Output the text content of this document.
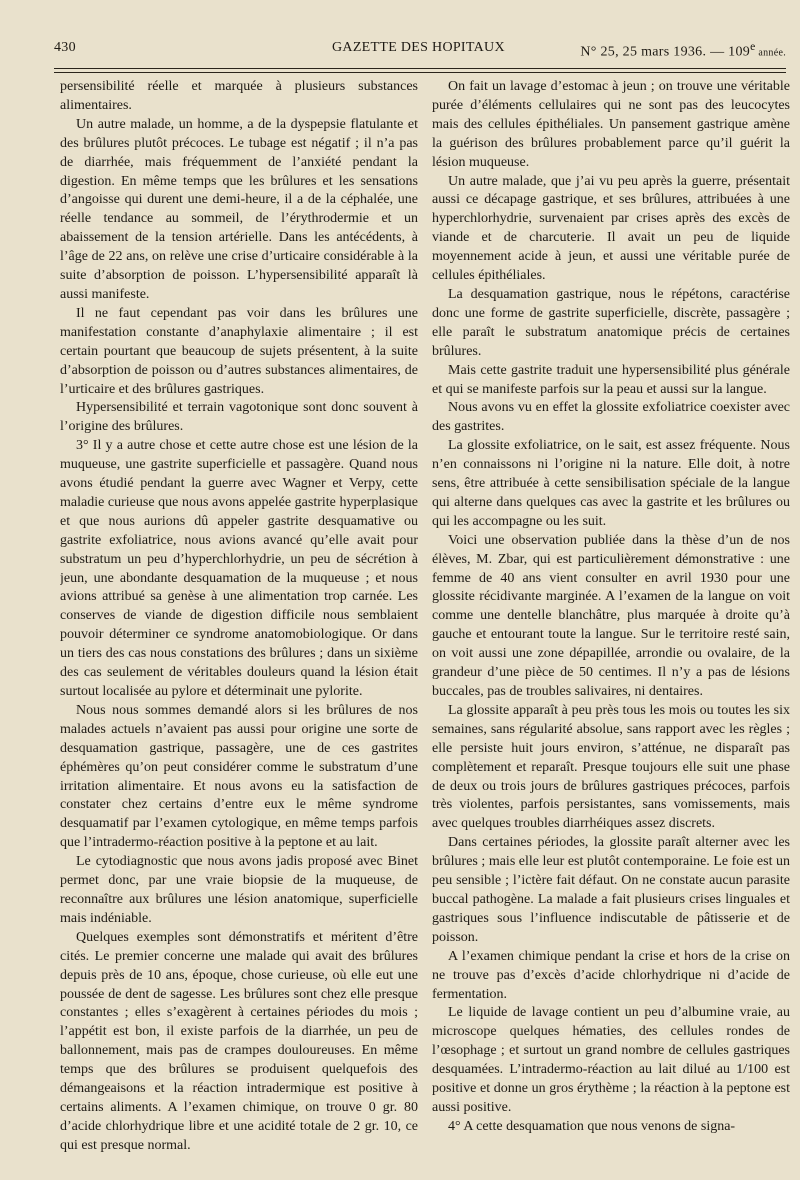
430	GAZETTE DES HOPITAUX	N° 25, 25 mars 1936. — 109e année.

persensibilité réelle et marquée à plusieurs substances alimentaires.

Un autre malade, un homme, a de la dyspepsie flatulante et des brûlures plutôt précoces. Le tubage est négatif ; il n’a pas de diarrhée, mais fréquemment de l’anxiété pendant la digestion. En même temps que les brûlures et les sensations d’angoisse qui durent une demi-heure, il a de la céphalée, une réelle tendance au sommeil, de l’érythrodermie et un abaissement de la tension artérielle. Dans les antécédents, à l’âge de 22 ans, on relève une crise d’urticaire considérable à la suite d’absorption de poisson. L’hypersensibilité apparaît là aussi manifeste.

Il ne faut cependant pas voir dans les brûlures une manifestation constante d’anaphylaxie alimentaire ; il est certain pourtant que beaucoup de sujets présentent, à la suite d’absorption de poisson ou d’autres substances alimentaires, de l’urticaire et des brûlures gastriques.

Hypersensibilité et terrain vagotonique sont donc souvent à l’origine des brûlures.

3° Il y a autre chose et cette autre chose est une lésion de la muqueuse, une gastrite superficielle et passagère. Quand nous avons étudié pendant la guerre avec Wagner et Verpy, cette maladie curieuse que nous avons appelée gastrite hyperplasique et que nous aurions dû appeler gastrite desquamative ou gastrite exfoliatrice, nous avions avancé qu’elle avait pour substratum un peu d’hyperchlorhydrie, un peu de sécrétion à jeun, une abondante desquamation de la muqueuse ; et nous avions attribué sa genèse à une alimentation trop carnée. Les conserves de viande de digestion difficile nous semblaient pouvoir déterminer ce syndrome anatomobiologique. Or dans un tiers des cas nous constations des brûlures ; dans un sixième des cas seulement de véritables douleurs quand la lésion était surtout localisée au pylore et déterminait une pylorite.

Nous nous sommes demandé alors si les brûlures de nos malades actuels n’avaient pas aussi pour origine une sorte de desquamation gastrique, passagère, une de ces gastrites éphémères qu’on peut considérer comme le substratum d’une irritation alimentaire. Et nous avons eu la satisfaction de constater chez certains d’entre eux le même syndrome desquamatif par l’examen cytologique, en même temps parfois que l’intradermo-réaction positive à la peptone et au lait.

Le cytodiagnostic que nous avons jadis proposé avec Binet permet donc, par une vraie biopsie de la muqueuse, de reconnaître aux brûlures une lésion anatomique, superficielle mais indéniable.

Quelques exemples sont démonstratifs et méritent d’être cités. Le premier concerne une malade qui avait des brûlures depuis près de 10 ans, époque, chose curieuse, où elle eut une poussée de dent de sagesse. Les brûlures sont chez elle presque constantes ; elles s’exagèrent à certaines périodes du mois ; l’appétit est bon, il existe parfois de la diarrhée, un peu de ballonnement, mais pas de crampes douloureuses. En même temps que des brûlures se produisent quelquefois des démangeaisons et la réaction intradermique est positive à certains aliments. A l’examen chimique, on trouve 0 gr. 80 d’acide chlorhydrique libre et une acidité totale de 2 gr. 10, ce qui est presque normal.

On fait un lavage d’estomac à jeun ; on trouve une véritable purée d’éléments cellulaires qui ne sont pas des leucocytes mais des cellules épithéliales. Un pansement gastrique amène la guérison des brûlures probablement parce qu’il guérit la lésion muqueuse.

Un autre malade, que j’ai vu peu après la guerre, présentait aussi ce décapage gastrique, et ses brûlures, attribuées à une hyperchlorhydrie, survenaient par crises après des excès de viande et de charcuterie. Il avait un peu de liquide moyennement acide à jeun, et aussi une véritable purée de cellules épithéliales.

La desquamation gastrique, nous le répétons, caractérise donc une forme de gastrite superficielle, discrète, passagère ; elle paraît le substratum anatomique précis de certaines brûlures.

Mais cette gastrite traduit une hypersensibilité plus générale et qui se manifeste parfois sur la peau et aussi sur la langue.

Nous avons vu en effet la glossite exfoliatrice coexister avec des gastrites.

La glossite exfoliatrice, on le sait, est assez fréquente. Nous n’en connaissons ni l’origine ni la nature. Elle doit, à notre sens, être attribuée à cette sensibilisation spéciale de la langue qui alterne dans quelques cas avec la gastrite et les brûlures ou qui les accompagne ou les suit.

Voici une observation publiée dans la thèse d’un de nos élèves, M. Zbar, qui est particulièrement démonstrative : une femme de 40 ans vient consulter en avril 1930 pour une glossite récidivante marginée. A l’examen de la langue on voit comme une dentelle blanchâtre, plus marquée à droite qu’à gauche et entourant toute la langue. Sur le territoire resté sain, on voit aussi une zone dépapillée, arrondie ou ovalaire, de la grandeur d’une pièce de 50 centimes. Il n’y a pas de lésions buccales, pas de troubles salivaires, ni dentaires.

La glossite apparaît à peu près tous les mois ou toutes les six semaines, sans régularité absolue, sans rapport avec les règles ; elle persiste huit jours environ, s’atténue, ne disparaît pas complètement et reparaît. Presque toujours elle suit une phase de deux ou trois jours de brûlures gastriques précoces, parfois très violentes, parfois persistantes, sans vomissements, mais avec quelques troubles diarrhéiques assez discrets.

Dans certaines périodes, la glossite paraît alterner avec les brûlures ; mais elle leur est plutôt contemporaine. Le foie est un peu sensible ; l’ictère fait défaut. On ne constate aucun parasite buccal pathogène. La malade a fait plusieurs crises linguales et gastriques sous l’influence indiscutable de pâtisserie et de poisson.

A l’examen chimique pendant la crise et hors de la crise on ne trouve pas d’excès d’acide chlorhydrique ni d’acide de fermentation.

Le liquide de lavage contient un peu d’albumine vraie, au microscope quelques hématies, des cellules rondes de l’œsophage ; et surtout un grand nombre de cellules gastriques desquamées. L’intradermo-réaction au lait dilué au 1/100 est positive et donne un gros érythème ; la réaction à la peptone est aussi positive.

4° A cette desquamation que nous venons de signa-
